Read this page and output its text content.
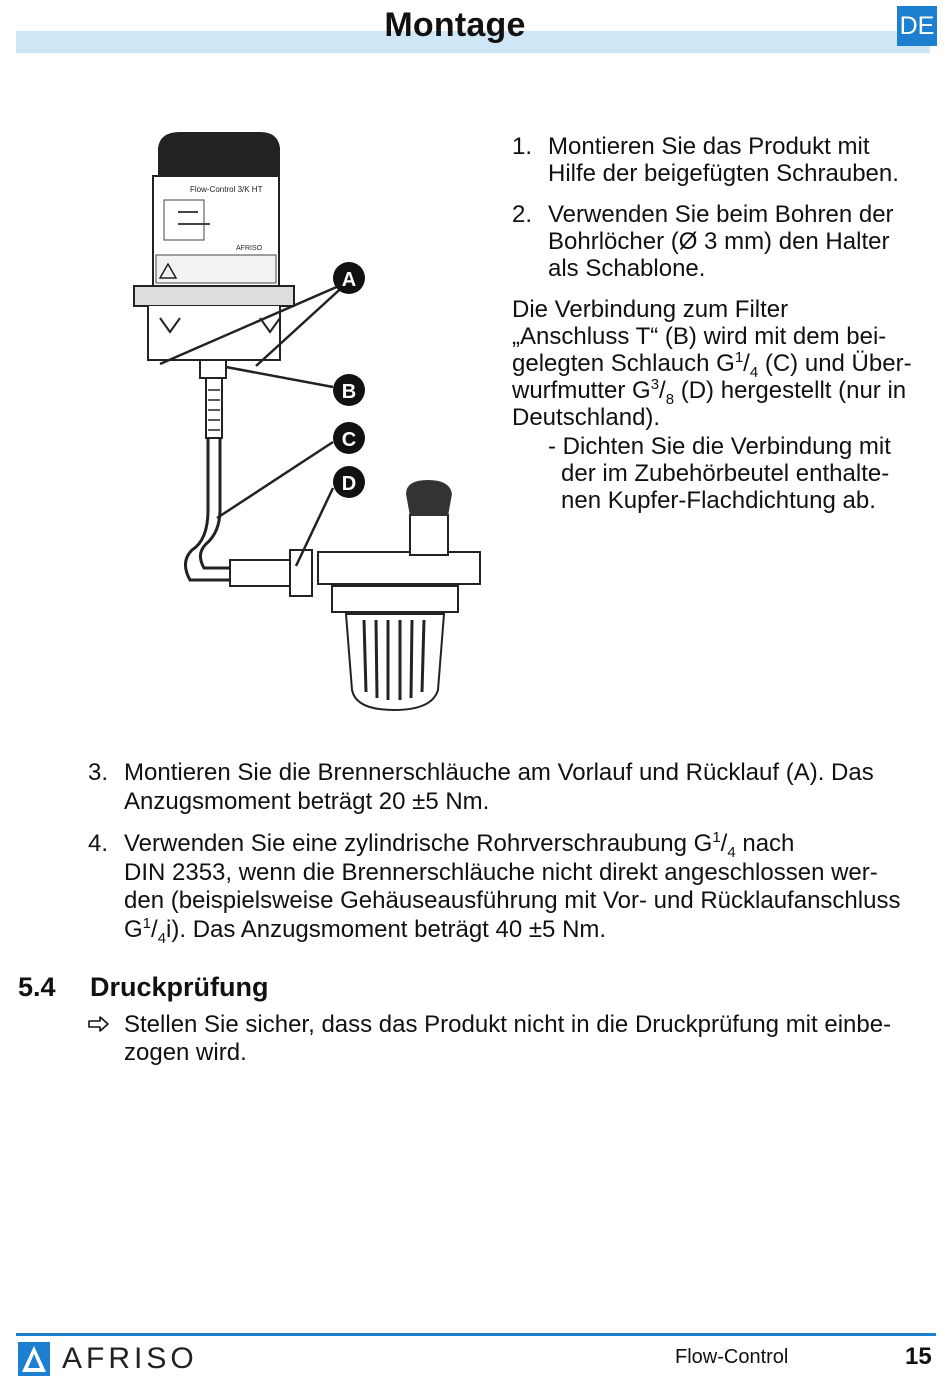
Montage	DE
Flow-Control 3/K HT
AFRISO
A
B
C
D
1. Montieren Sie das Produkt mit
Hilfe der beigefügten Schrauben.
2. Verwenden Sie beim Bohren der
Bohrlöcher (Ø 3 mm) den Halter
als Schablone.
Die Verbindung zum Filter
„Anschluss T“ (B) wird mit dem bei-
gelegten Schlauch $G^1/_4$ (C) und Über-
wurfmutter $G^3/_8$ (D) hergestellt (nur in
Deutschland).
- Dichten Sie die Verbindung mit
der im Zubehörbeutel enthalte-
nen Kupfer-Flachdichtung ab.
3. Montieren Sie die Brennerschläuche am Vorlauf und Rücklauf (A). Das
Anzugsmoment beträgt 20 ±5 Nm.
4. Verwenden Sie eine zylindrische Rohrverschraubung $G^1/_4$ nach
DIN 2353, wenn die Brennerschläuche nicht direkt angeschlossen wer-
den (beispielsweise Gehäuseausführung mit Vor- und Rücklaufanschluss
$G^1/_4i$). Das Anzugsmoment beträgt 40 ±5 Nm.
5.4 Druckprüfung
Stellen Sie sicher, dass das Produkt nicht in die Druckprüfung mit einbe-
zogen wird.
AFRISO	Flow-Control	15
